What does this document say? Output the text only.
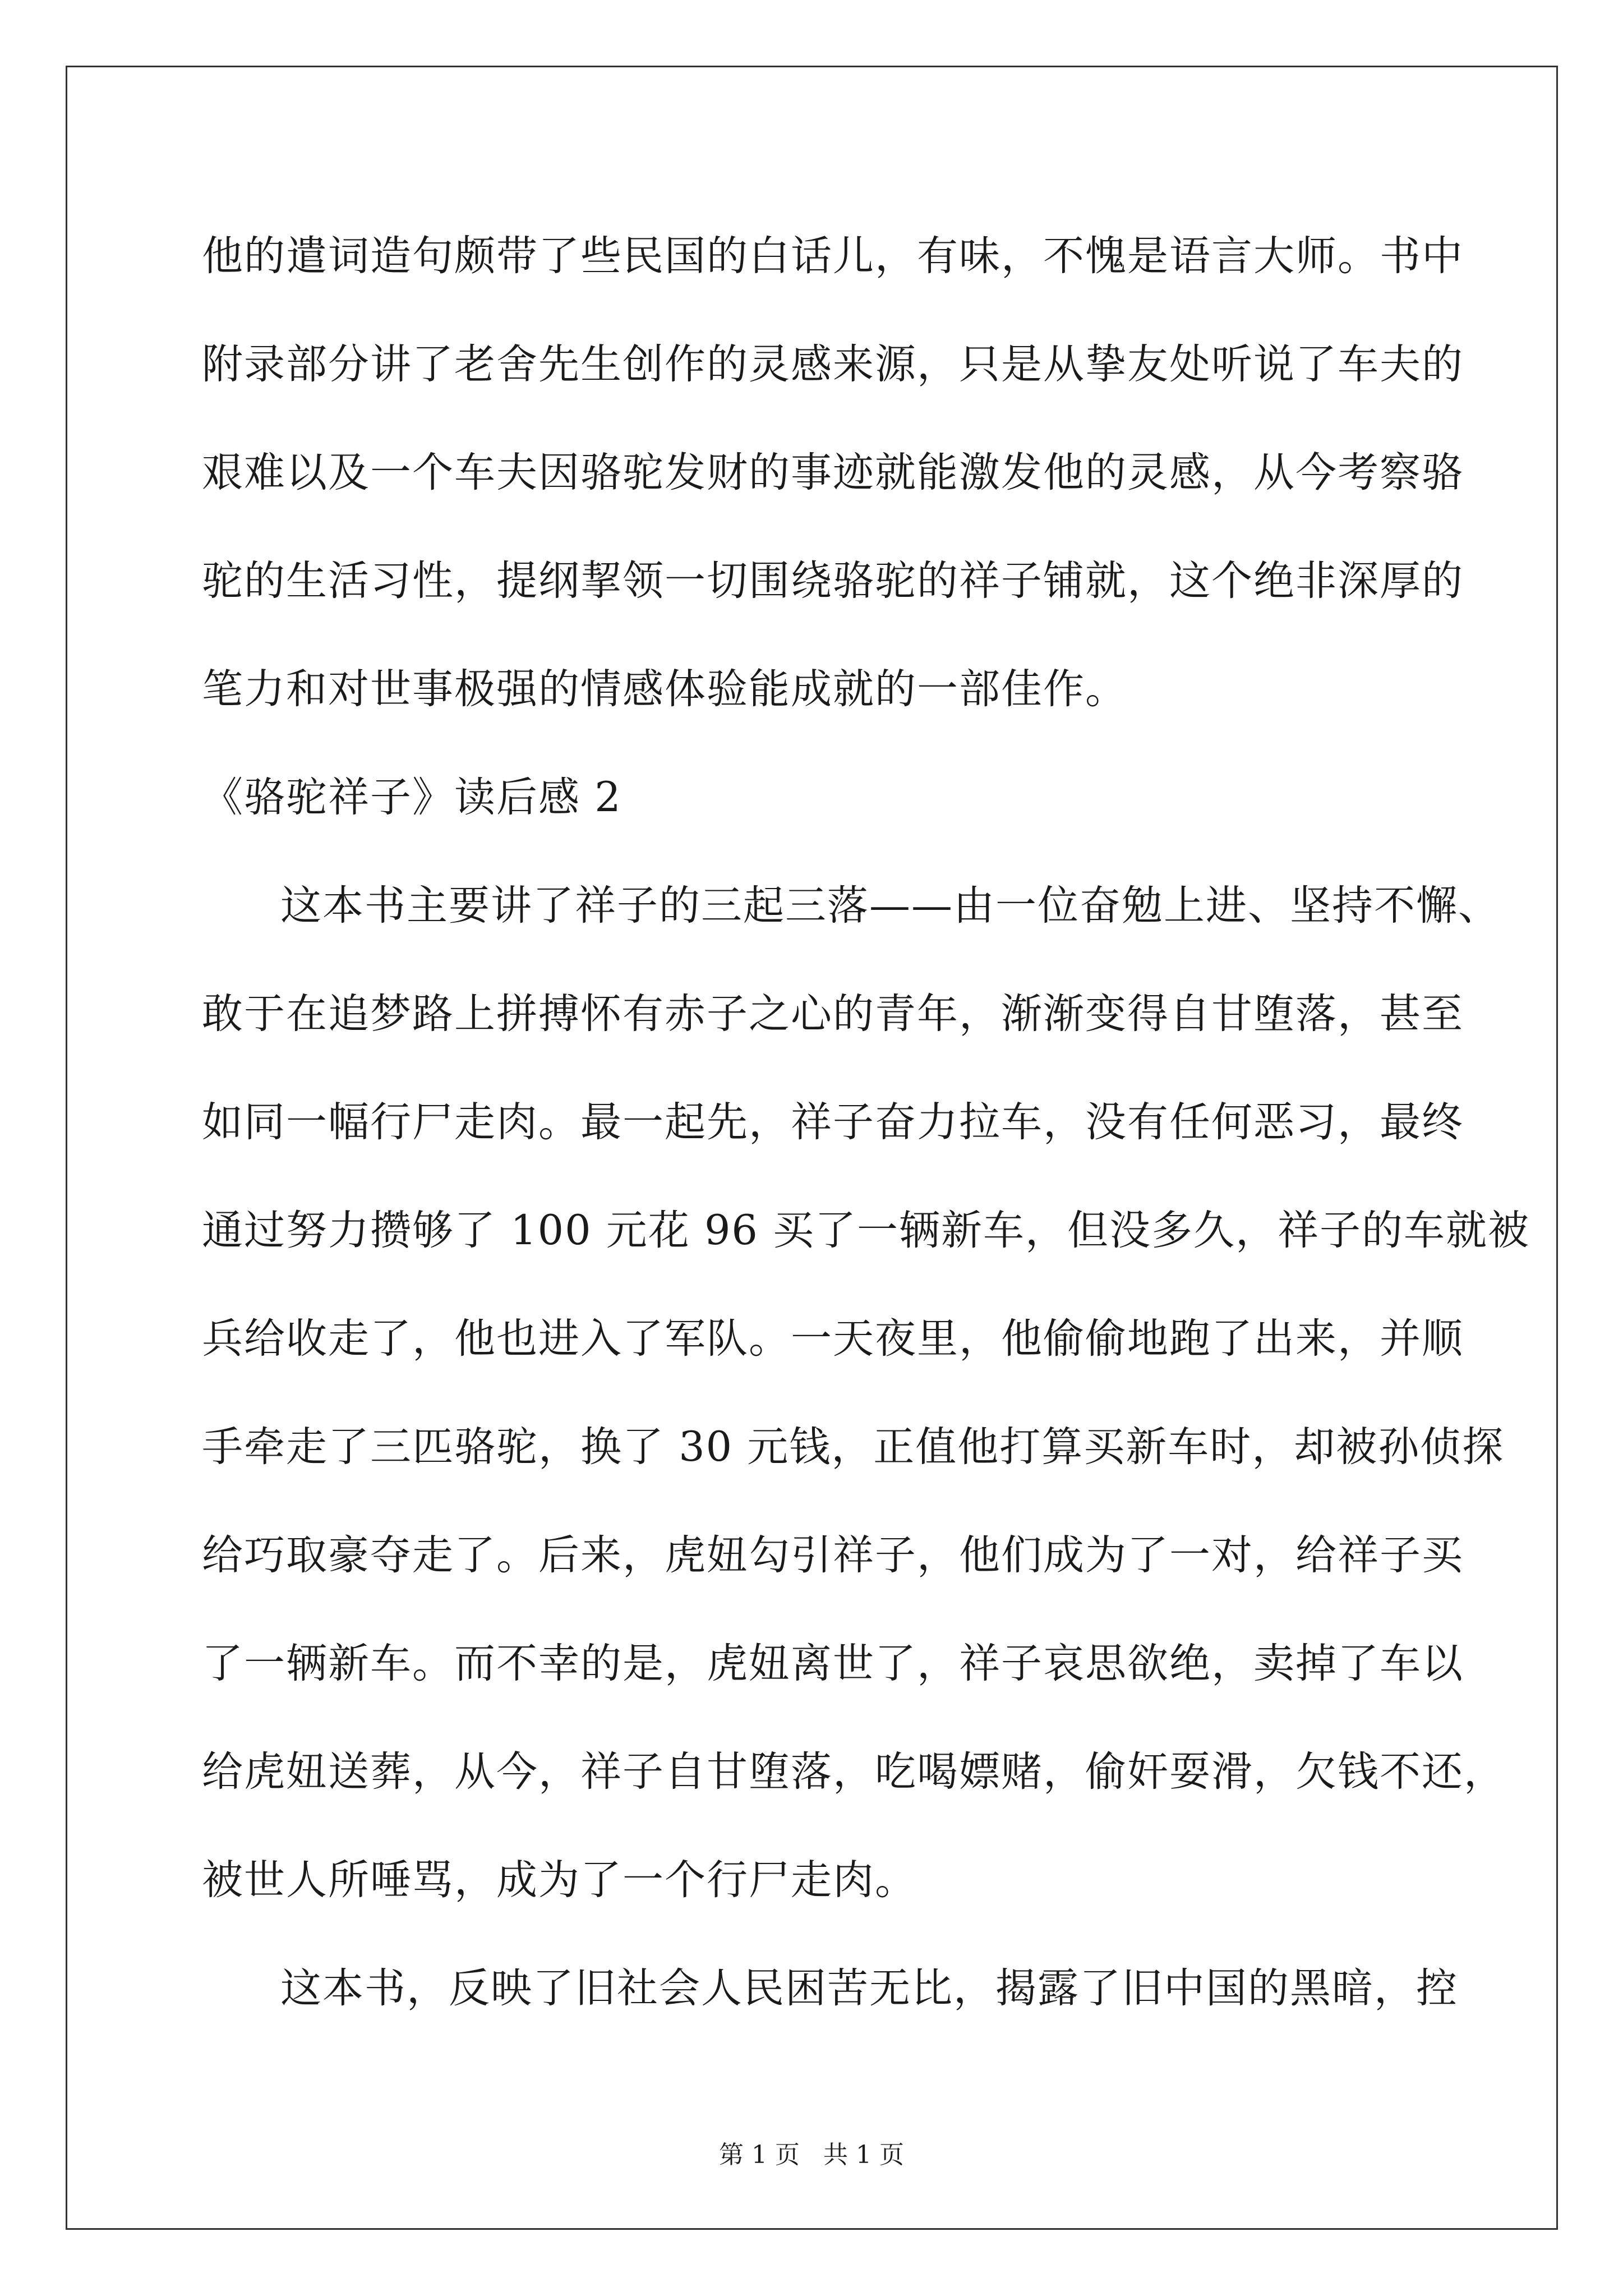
他的遣词造句颇带了些民国的白话儿，有味，不愧是语言大师。书中
附录部分讲了老舍先生创作的灵感来源，只是从挚友处听说了车夫的
艰难以及一个车夫因骆驼发财的事迹就能激发他的灵感，从今考察骆
驼的生活习性，提纲挈领一切围绕骆驼的祥子铺就，这个绝非深厚的
笔力和对世事极强的情感体验能成就的一部佳作。
《骆驼祥子》读后感 2
这本书主要讲了祥子的三起三落——由一位奋勉上进、坚持不懈、
敢于在追梦路上拼搏怀有赤子之心的青年，渐渐变得自甘堕落，甚至
如同一幅行尸走肉。最一起先，祥子奋力拉车，没有任何恶习，最终
通过努力攒够了 100 元花 96 买了一辆新车，但没多久，祥子的车就被
兵给收走了，他也进入了军队。一天夜里，他偷偷地跑了出来，并顺
手牵走了三匹骆驼，换了 30 元钱，正值他打算买新车时，却被孙侦探
给巧取豪夺走了。后来，虎妞勾引祥子，他们成为了一对，给祥子买
了一辆新车。而不幸的是，虎妞离世了，祥子哀思欲绝，卖掉了车以
给虎妞送葬，从今，祥子自甘堕落，吃喝嫖赌，偷奸耍滑，欠钱不还，
被世人所唾骂，成为了一个行尸走肉。
这本书，反映了旧社会人民困苦无比，揭露了旧中国的黑暗，控
第 1 页   共 1 页
